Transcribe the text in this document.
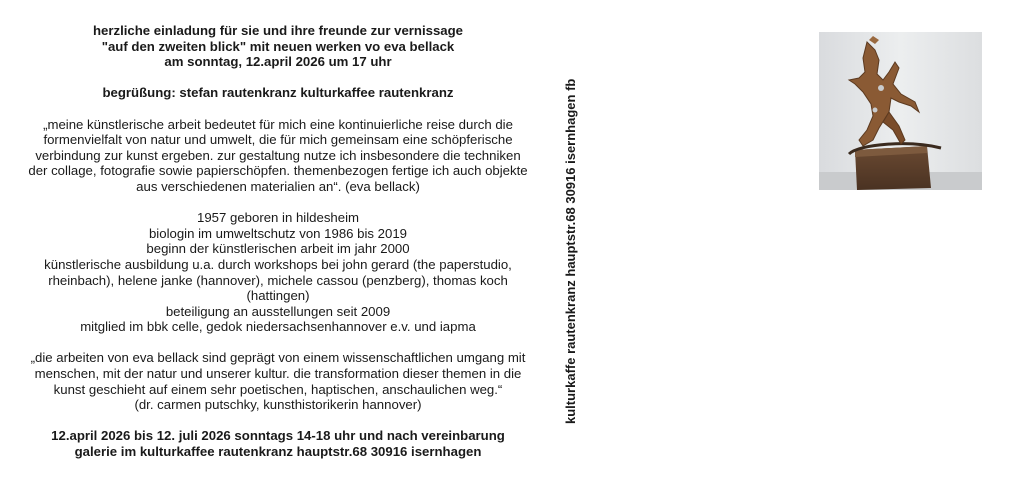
herzliche einladung für sie und ihre freunde zur vernissage

"auf den zweiten blick" mit neuen werken vo eva bellack

am sonntag, 12.april 2026 um 17 uhr

begrüßung: stefan rautenkranz kulturkaffee rautenkranz

„meine künstlerische arbeit bedeutet für mich eine kontinuierliche reise durch die

formenvielfalt von natur und umwelt, die für mich gemeinsam eine schöpferische

verbindung zur kunst ergeben. zur gestaltung nutze ich insbesondere die techniken

der collage, fotografie sowie papierschöpfen. themenbezogen fertige ich auch objekte

aus verschiedenen materialien an“. (eva bellack)

1957 geboren in hildesheim

biologin im umweltschutz von 1986 bis 2019

beginn der künstlerischen arbeit im jahr 2000

künstlerische ausbildung u.a. durch workshops bei john gerard (the paperstudio,

rheinbach), helene janke (hannover), michele cassou (penzberg), thomas koch

(hattingen)

beteiligung an ausstellungen seit 2009

mitglied im bbk celle, gedok niedersachsenhannover e.v. und iapma

„die arbeiten von eva bellack sind geprägt von einem wissenschaftlichen umgang mit

menschen, mit der natur und unserer kultur. die transformation dieser themen in die

kunst geschieht auf einem sehr poetischen, haptischen, anschaulichen weg.“

(dr. carmen putschky, kunsthistorikerin hannover)

12.april 2026 bis 12. juli 2026 sonntags 14-18 uhr und nach vereinbarung

galerie im kulturkaffee rautenkranz hauptstr.68 30916 isernhagen

kulturkaffe rautenkranz hauptstr.68 30916 isernhagen fb
